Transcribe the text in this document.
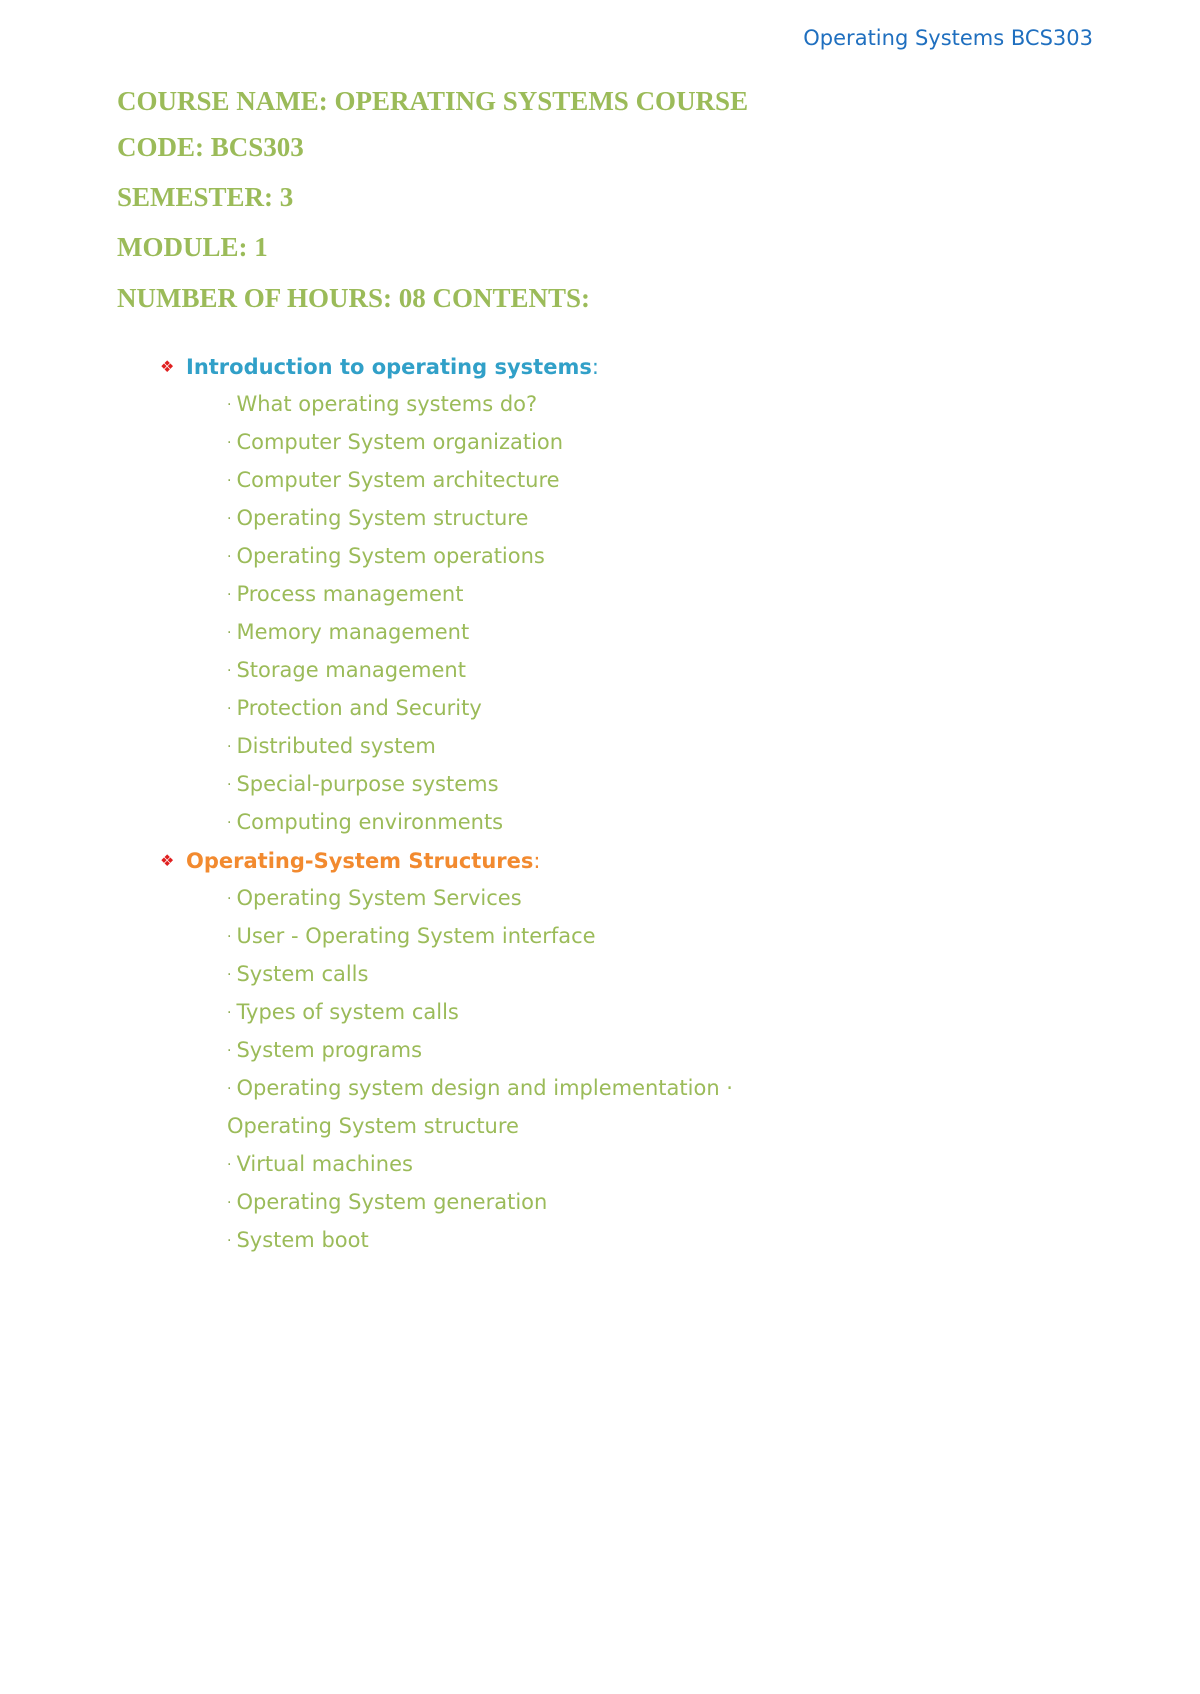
Operating Systems BCS303
COURSE NAME: OPERATING SYSTEMS COURSE
CODE: BCS303
SEMESTER: 3
MODULE: 1
NUMBER OF HOURS: 08 CONTENTS:
❖ Introduction to operating systems :
· What operating systems do?
· Computer System organization
· Computer System architecture
· Operating System structure
· Operating System operations
· Process management
· Memory management
· Storage management
· Protection and Security
· Distributed system
· Special-purpose systems
· Computing environments
❖ Operating-System Structures :
· Operating System Services
· User - Operating System interface
· System calls
· Types of system calls
· System programs
· Operating system design and implementation ·
Operating System structure
· Virtual machines
· Operating System generation
· System boot
